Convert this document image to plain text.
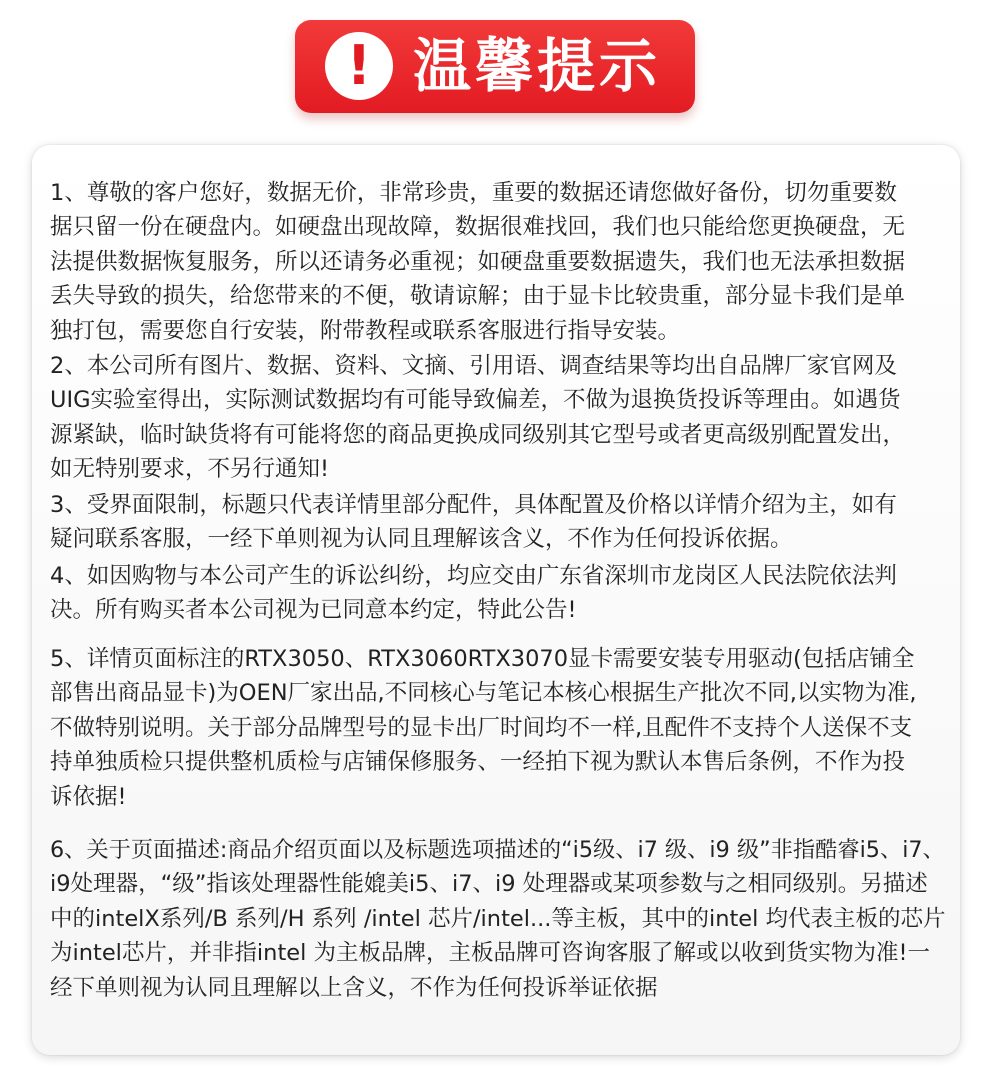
! 温馨提示
1、尊敬的客户您好，数据无价，非常珍贵，重要的数据还请您做好备份，切勿重要数
据只留一份在硬盘内。如硬盘出现故障，数据很难找回，我们也只能给您更换硬盘，无
法提供数据恢复服务，所以还请务必重视；如硬盘重要数据遗失，我们也无法承担数据
丢失导致的损失，给您带来的不便，敬请谅解；由于显卡比较贵重，部分显卡我们是单
独打包，需要您自行安装，附带教程或联系客服进行指导安装。
2、本公司所有图片、数据、资料、文摘、引用语、调查结果等均出自品牌厂家官网及
UIG实验室得出，实际测试数据均有可能导致偏差，不做为退换货投诉等理由。如遇货
源紧缺，临时缺货将有可能将您的商品更换成同级别其它型号或者更高级别配置发出，
如无特别要求，不另行通知!
3、受界面限制，标题只代表详情里部分配件，具体配置及价格以详情介绍为主，如有
疑问联系客服，一经下单则视为认同且理解该含义，不作为任何投诉依据。
4、如因购物与本公司产生的诉讼纠纷，均应交由广东省深圳市龙岗区人民法院依法判
决。所有购买者本公司视为已同意本约定，特此公告!
5、详情页面标注的RTX3050、RTX3060RTX3070显卡需要安装专用驱动(包括店铺全
部售出商品显卡)为OEN厂家出品,不同核心与笔记本核心根据生产批次不同,以实物为准,
不做特别说明。关于部分品牌型号的显卡出厂时间均不一样,且配件不支持个人送保不支
持单独质检只提供整机质检与店铺保修服务、一经拍下视为默认本售后条例，不作为投
诉依据!
6、关于页面描述:商品介绍页面以及标题选项描述的“i5级、i7 级、i9 级”非指酷睿i5、i7、
i9处理器，“级”指该处理器性能媲美i5、i7、i9 处理器或某项参数与之相同级别。另描述
中的intelX系列/B 系列/H 系列 /intel 芯片/intel...等主板，其中的intel 均代表主板的芯片
为intel芯片，并非指intel 为主板品牌，主板品牌可咨询客服了解或以收到货实物为准!一
经下单则视为认同且理解以上含义，不作为任何投诉举证依据
